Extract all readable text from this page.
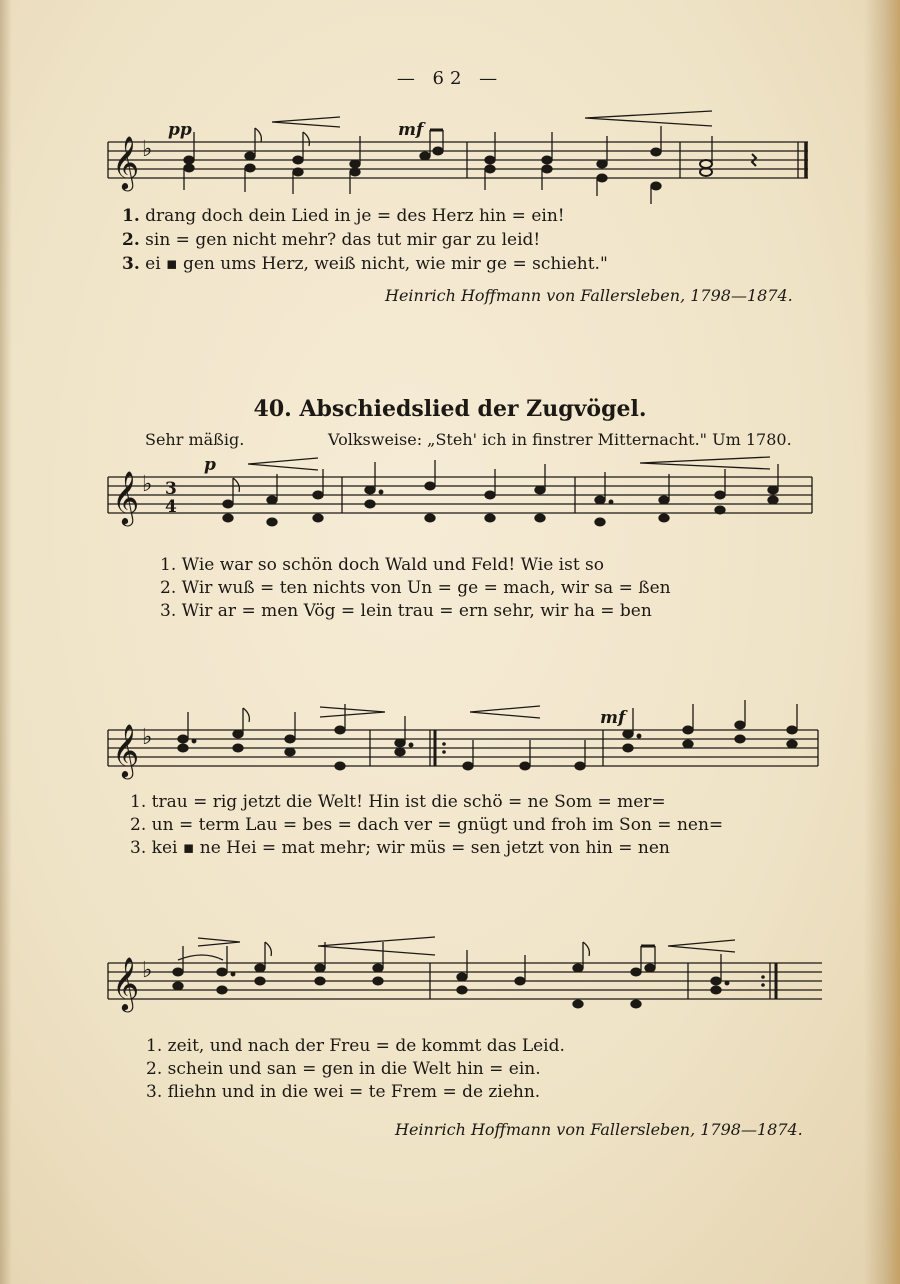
— 62 —
𝄞 ♭
pp	mf
𝄞 ♭ 3
4
p
𝄞 ♭
mf
𝄞 ♭
1. drang doch dein Lied in je = des Herz hin = ein!
2. sin = gen nicht mehr? das tut mir gar zu leid!
3. ei ▪ gen ums Herz, weiß nicht, wie mir ge = schieht."
Heinrich Hoffmann von Fallersleben, 1798—1874.
40. Abschiedslied der Zugvögel.
Sehr mäßig.	Volksweise: „Steh' ich in finstrer Mitternacht." Um 1780.
1. Wie war so schön doch Wald und Feld! Wie ist so
2. Wir wuß = ten nichts von Un = ge = mach, wir sa = ßen
3. Wir ar = men Vög = lein trau = ern sehr, wir ha = ben
1. trau = rig jetzt die Welt! Hin ist die schö = ne Som = mer=
2. un = term Lau = bes = dach ver = gnügt und froh im Son = nen=
3. kei ▪ ne Hei = mat mehr; wir müs = sen jetzt von hin = nen
1. zeit, und nach der Freu = de kommt das Leid.
2. schein und san = gen in die Welt hin = ein.
3. fliehn und in die wei = te Frem = de ziehn.
Heinrich Hoffmann von Fallersleben, 1798—1874.
